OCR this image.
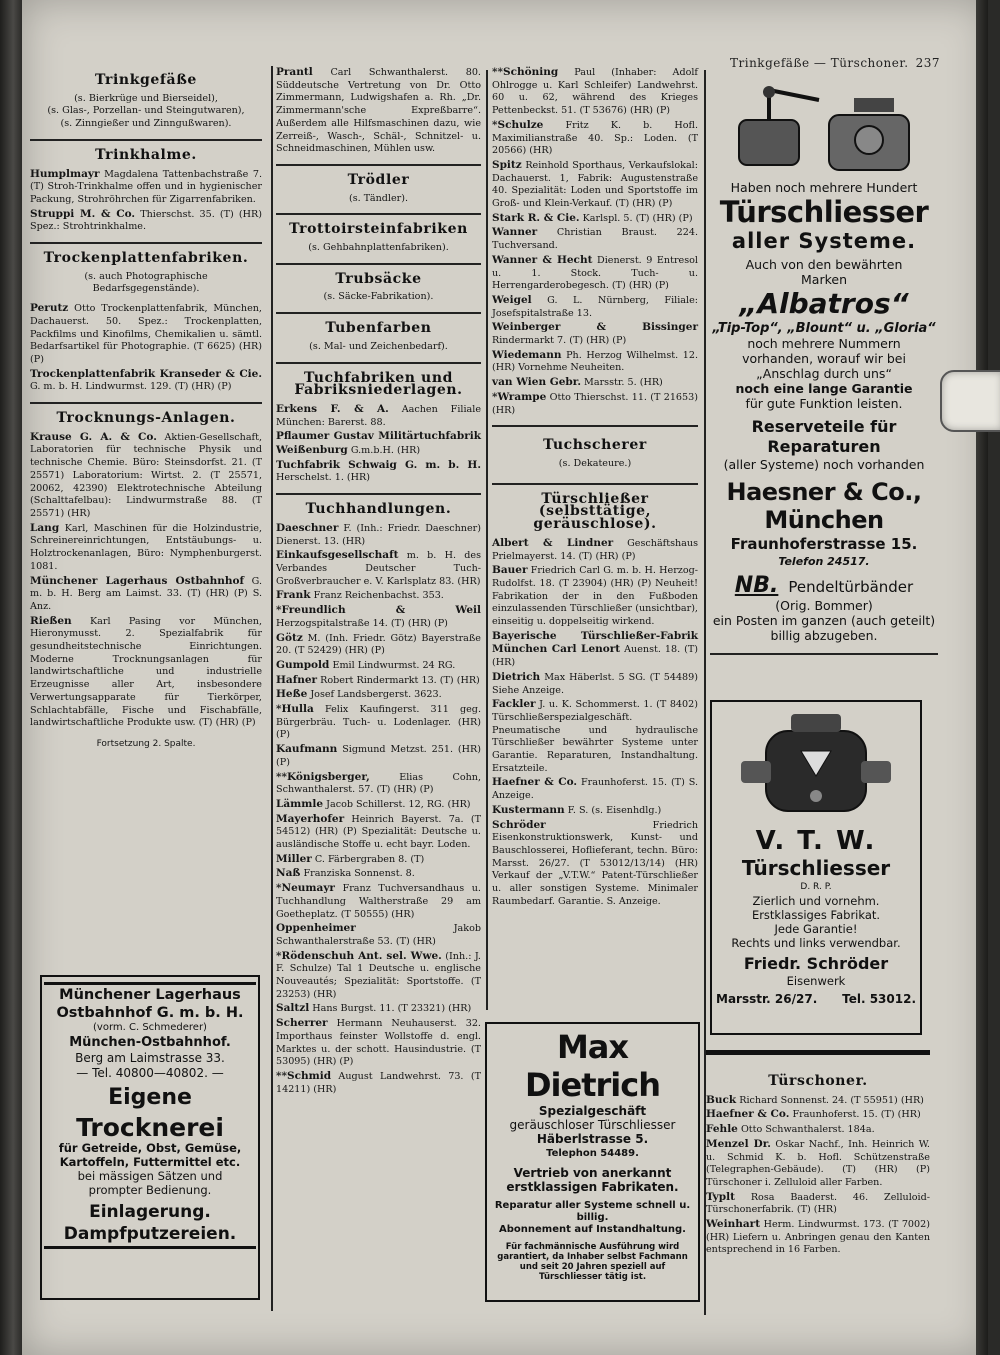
Trinkgefäße — Türschoner. 237
Trinkgefäße

(s. Bierkrüge und Bierseidel),

(s. Glas-, Porzellan- und Steingutwaren),

(s. Zinngießer und Zinngußwaren).

Trinkhalme.

Humplmayr Magdalena Tattenbachstraße 7. (T) Stroh-Trinkhalme offen und in hygienischer Packung, Strohröhrchen für Zigarrenfabriken.

Struppi M. & Co. Thierschst. 35. (T) (HR) Spez.: Strohtrinkhalme.

Trockenplattenfabriken.

(s. auch Photographische Bedarfsgegenstände).

Perutz Otto Trockenplattenfabrik, München, Dachauerst. 50. Spez.: Trockenplatten, Packfilms und Kinofilms, Chemikalien u. sämtl. Bedarfsartikel für Photographie. (T 6625) (HR) (P)

Trockenplattenfabrik Kranseder & Cie. G. m. b. H. Lindwurmst. 129. (T) (HR) (P)

Trocknungs-Anlagen.

Krause G. A. & Co. Aktien-Gesellschaft, Laboratorien für technische Physik und technische Chemie. Büro: Steinsdorfst. 21. (T 25571) Laboratorium: Wirtst. 2. (T 25571, 20062, 42390) Elektrotechnische Abteilung (Schalttafelbau): Lindwurmstraße 88. (T 25571) (HR)

Lang Karl, Maschinen für die Holzindustrie, Schreinereinrichtungen, Entstäubungs- u. Holztrockenanlagen, Büro: Nymphenburgerst. 1081.

Münchener Lagerhaus Ostbahnhof G. m. b. H. Berg am Laimst. 33. (T) (HR) (P) S. Anz.

Rießen Karl Pasing vor München, Hieronymusst. 2. Spezialfabrik für gesundheitstechnische Einrichtungen. Moderne Trocknungsanlagen für landwirtschaftliche und industrielle Erzeugnisse aller Art, insbesondere Verwertungsapparate für Tierkörper, Schlachtabfälle, Fische und Fischabfälle, landwirtschaftliche Produkte usw. (T) (HR) (P)

Fortsetzung 2. Spalte.

Münchener Lagerhaus
Ostbahnhof G. m. b. H.
(vorm. C. Schmederer)
München-Ostbahnhof.
Berg am Laimstrasse 33.
— Tel. 40800—40802. —
Eigene
Trocknerei
für Getreide, Obst, Gemüse,
Kartoffeln, Futtermittel etc.
bei mässigen Sätzen und
prompter Bedienung.
Einlagerung.
Dampfputzereien.

Prantl Carl Schwanthalerst. 80. Süddeutsche Vertretung von Dr. Otto Zimmermann, Ludwigshafen a. Rh. „Dr. Zimmermann'sche Expreßbarre“. Außerdem alle Hilfsmaschinen dazu, wie Zerreiß-, Wasch-, Schäl-, Schnitzel- u. Schneidmaschinen, Mühlen usw.

Trödler

(s. Tändler).

Trottoirsteinfabriken

(s. Gehbahnplattenfabriken).

Trubsäcke

(s. Säcke-Fabrikation).

Tubenfarben

(s. Mal- und Zeichenbedarf).

Tuchfabriken und Fabriksniederlagen.

Erkens F. & A. Aachen Filiale München: Barerst. 88.

Pflaumer Gustav Militärtuchfabrik Weißenburg G.m.b.H. (HR)

Tuchfabrik Schwaig G. m. b. H. Herschelst. 1. (HR)

Tuchhandlungen.

Daeschner F. (Inh.: Friedr. Daeschner) Dienerst. 13. (HR)

Einkaufsgesellschaft m. b. H. des Verbandes Deutscher Tuch-Großverbraucher e. V. Karlsplatz 83. (HR)

Frank Franz Reichenbachst. 353.

*Freundlich & Weil Herzogspitalstraße 14. (T) (HR) (P)

Götz M. (Inh. Friedr. Götz) Bayerstraße 20. (T 52429) (HR) (P)

Gumpold Emil Lindwurmst. 24 RG.

Hafner Robert Rindermarkt 13. (T) (HR)

Heße Josef Landsbergerst. 3623.

*Hulla Felix Kaufingerst. 311 geg. Bürgerbräu. Tuch- u. Lodenlager. (HR) (P)

Kaufmann Sigmund Metzst. 251. (HR) (P)

**Königsberger,	Elias Cohn, Schwanthalerst. 57. (T) (HR) (P)

Lämmle Jacob Schillerst. 12, RG. (HR)

Mayerhofer Heinrich Bayerst. 7a. (T 54512) (HR) (P) Spezialität: Deutsche u. ausländische Stoffe u. echt bayr. Loden.

Miller C. Färbergraben 8. (T)

Naß Franziska Sonnenst. 8.

*Neumayr Franz Tuchversandhaus u. Tuchhandlung Waltherstraße 29 am Goetheplatz. (T 50555) (HR)

Oppenheimer	Jakob Schwanthalerstraße 53. (T) (HR)

*Rödenschuh Ant. sel. Wwe. (Inh.: J. F. Schulze) Tal 1 Deutsche u. englische Nouveautés; Spezialität: Sportstoffe. (T 23253) (HR)

Saltzl Hans Burgst. 11. (T 23321) (HR)

Scherrer Hermann Neuhauserst. 32. Importhaus feinster Wollstoffe d. engl. Marktes u. der schott. Hausindustrie. (T 53095) (HR) (P)

**Schmid August Landwehrst. 73. (T 14211) (HR)

**Schöning Paul (Inhaber: Adolf Ohlrogge u. Karl Schleifer) Landwehrst. 60 u. 62, während des Krieges Pettenbeckst. 51. (T 53676) (HR) (P)

*Schulze Fritz K. b. Hofl. Maximilianstraße 40. Sp.: Loden. (T 20566) (HR)

Spitz Reinhold Sporthaus, Verkaufslokal: Dachauerst. 1, Fabrik: Augustenstraße 40. Spezialität: Loden und Sportstoffe im Groß- und Klein-Verkauf. (T) (HR) (P)

Stark R. & Cie. Karlspl. 5. (T) (HR) (P)

Wanner Christian Braust. 224. Tuchversand.

Wanner & Hecht Dienerst. 9 Entresol u. 1. Stock. Tuch- u. Herrengarderobegesch. (T) (HR) (P)

Weigel G. L. Nürnberg, Filiale: Josefspitalstraße 13.

Weinberger & Bissinger Rindermarkt 7. (T) (HR) (P)

Wiedemann Ph. Herzog Wilhelmst. 12. (HR) Vornehme Neuheiten.

van Wien Gebr. Marsstr. 5. (HR)

*Wrampe Otto Thierschst. 11. (T 21653) (HR)

Tuchscherer

(s. Dekateure.)

Türschließer (selbsttätige, geräuschlose).

Albert & Lindner Geschäftshaus Prielmayerst. 14. (T) (HR) (P)

Bauer Friedrich Carl G. m. b. H. Herzog-Rudolfst. 18. (T 23904) (HR) (P) Neuheit! Fabrikation der in den Fußboden einzulassenden Türschließer (unsichtbar), einseitig u. doppelseitig wirkend.

Bayerische Türschließer-Fabrik München Carl Lenort Auenst. 18. (T) (HR)

Dietrich Max Häberlst. 5 SG. (T 54489) Siehe Anzeige.

Fackler J. u. K. Schommerst. 1. (T 8402) Türschließerspezialgeschäft. Pneumatische und hydraulische Türschließer bewährter Systeme unter Garantie. Reparaturen, Instandhaltung. Ersatzteile.

Haefner & Co. Fraunhoferst. 15. (T) S. Anzeige.

Kustermann F. S. (s. Eisenhdlg.)

Schröder	Friedrich Eisenkonstruktionswerk, Kunst- und Bauschlosserei, Hoflieferant, techn. Büro: Marsst. 26/27. (T 53012/13/14) (HR) Verkauf der „V.T.W.“ Patent-Türschließer u. aller sonstigen Systeme. Minimaler Raumbedarf. Garantie. S. Anzeige.

Max Dietrich
Spezialgeschäft
geräuschloser Türschliesser
Häberlstrasse 5.
Telephon 54489.
Vertrieb von anerkannt
erstklassigen Fabrikaten.
Reparatur aller Systeme schnell u. billig.
Abonnement auf Instandhaltung.
Für fachmännische Ausführung wird garantiert, da Inhaber selbst Fachmann und seit 20 Jahren speziell auf Türschliesser tätig ist.
Haben noch mehrere Hundert
Türschliesser
aller Systeme.
Auch von den bewährten
Marken
„Albatros“
„Tip-Top“, „Blount“ u. „Gloria“
noch mehrere Nummern
vorhanden, worauf wir bei
„Anschlag durch uns“
noch eine lange Garantie
für gute Funktion leisten.
Reserveteile für Reparaturen
(aller Systeme) noch vorhanden
Haesner & Co., München
Fraunhoferstrasse 15.
Telefon 24517.
NB. Pendeltürbänder
(Orig. Bommer)
ein Posten im ganzen (auch geteilt) billig abzugeben.
V. T. W.
Türschliesser
D. R. P.
Zierlich und vornehm.
Erstklassiges Fabrikat.
Jede Garantie!
Rechts und links verwendbar.
Friedr. Schröder
Eisenwerk
Marsstr. 26/27. Tel. 53012.
Türschoner.

Buck Richard Sonnenst. 24. (T 55951) (HR)

Haefner & Co. Fraunhoferst. 15. (T) (HR)

Fehle Otto Schwanthalerst. 184a.

Menzel Dr. Oskar Nachf., Inh. Heinrich W. u. Schmid K. b. Hofl. Schützenstraße (Telegraphen-Gebäude). (T) (HR) (P) Türschoner i. Zelluloid aller Farben.

Typlt Rosa Baaderst. 46. Zelluloid-Türschonerfabrik. (T) (HR)

Weinhart Herm. Lindwurmst. 173. (T 7002) (HR) Liefern u. Anbringen genau den Kanten entsprechend in 16 Farben.
